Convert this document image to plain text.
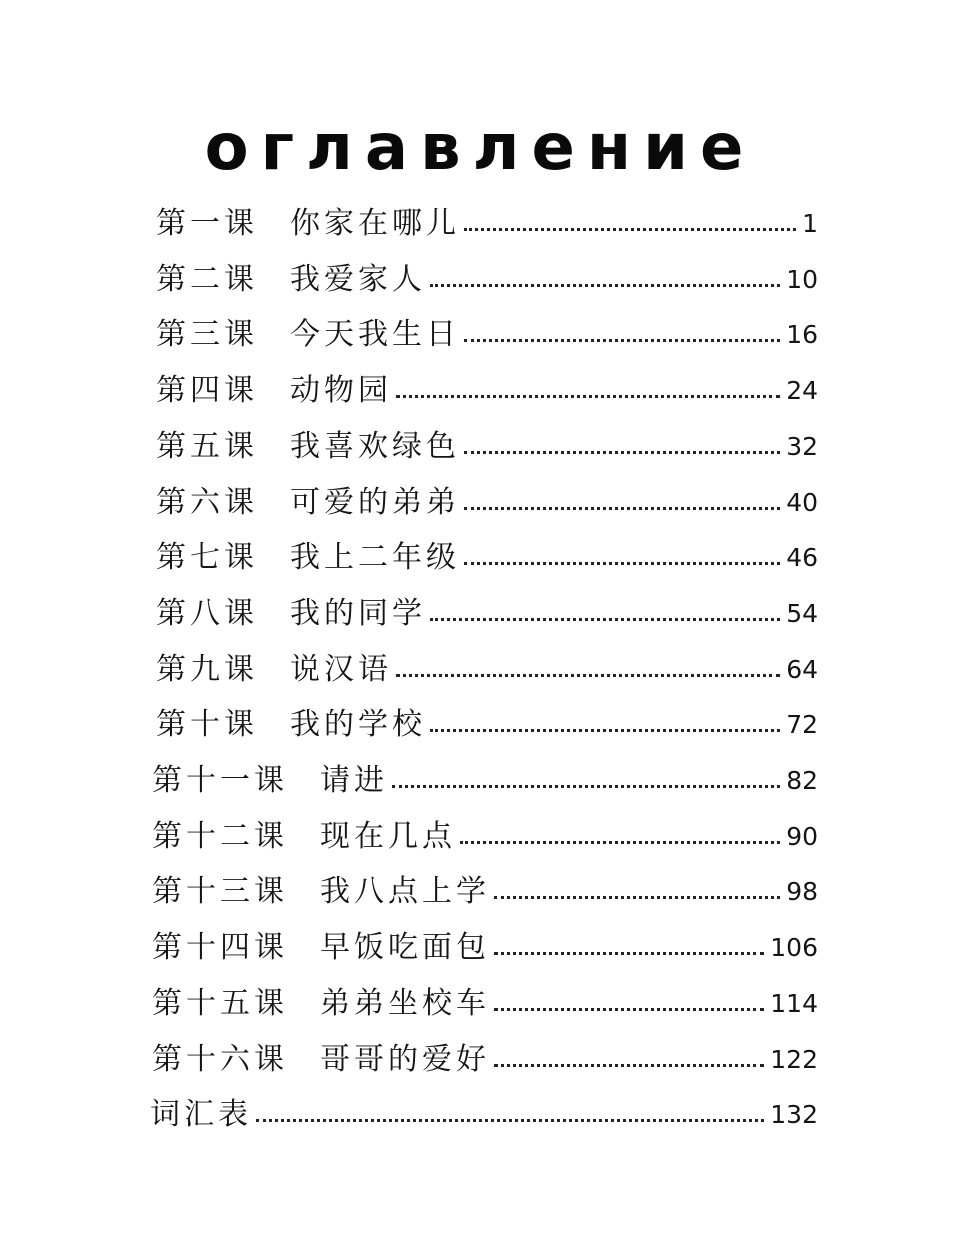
оглавление
第一课 你家在哪儿	1
第二课 我爱家人	10
第三课 今天我生日	16
第四课 动物园	24
第五课 我喜欢绿色	32
第六课 可爱的弟弟	40
第七课 我上二年级	46
第八课 我的同学	54
第九课 说汉语	64
第十课 我的学校	72
第十一课 请进	82
第十二课 现在几点	90
第十三课 我八点上学	98
第十四课 早饭吃面包	106
第十五课 弟弟坐校车	114
第十六课 哥哥的爱好	122
词汇表	132
